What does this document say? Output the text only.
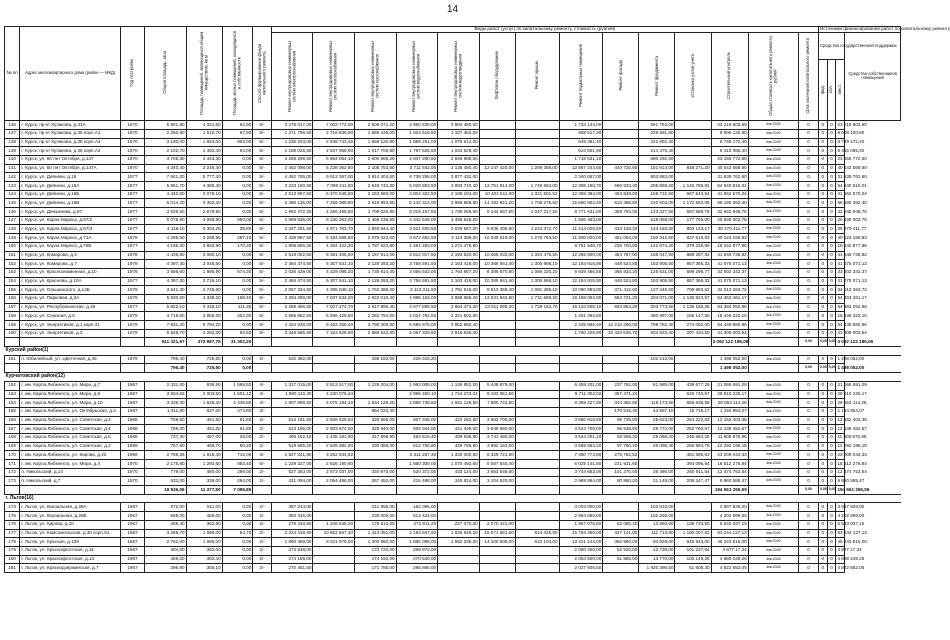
14
№ пп	Адрес многоквартирного дома (район — МКД)	Год постройки	Общая площадь, кв.м	Площадь помещений, являющихся общим имуществом, кв.м	Площадь жилых помещений, находящихся в собственности	Способ формирования фонда капитального ремонта	Виды работ (услуг) по капитальному ремонту, стоимость (рублей)														Источники финансирования работ по капитальному ремонту			
							Ремонт внутридомовых инженерных систем электроснабжения	Ремонт внутридомовых инженерных систем теплоснабжения	Ремонт внутридомовых инженерных систем газоснабжения	Ремонт внутридомовых инженерных систем водоснабжения	Ремонт внутридомовых инженерных систем водоотведения	Лифтовое оборудование	Ремонт крыши	Ремонт подвальных помещений	Ремонт фасада	Ремонт фундамента	Установка узлов учета	Строительный контроль	Общая стоимость капитального ремонта, рублей	Срок окончания капитального ремонта	Средства государственной поддержки			Средства собственников помещений
																					фед.	обл.	мест.	
136	г. Курск, пр-кт Кулакова, д.33А	1970	5 801,80	4 331,50	62,90	5/-	3 278 017,00	7 002 772,00	2 606 071,20	4 960 539,00	3 884 460,00			1 733 134,00		591 763,00		23 218 603,60	4кв.2026	0	0	0	23 218 603,60	
137	г. Курск, пр-кт Кулакова, д.35 корп.А1	1970	2 250,90	1 510,70	67,90	5/-	1 271 756,50	2 716 836,00	1 659 435,00	1 924 519,50	1 107 462,00			668 517,30		229 581,80		9 008 120,80	4кв.2026	0	0	0	9 008 120,80	
138	г. Курск, пр-кт Кулакова, д.35 корп.А3	1970	3 190,00	1 924,00	802,00	5/-	1 235 203,00	2 638 743,46	1 656 120,80	1 869 251,00	1 075 614,00			649 381,40		222 992,40		8 749 172,40	4кв.2026	0	0	0	8 749 172,40	
139	г. Курск, пр-кт Кулакова, д.35 корп.А2	1970	2 102,70	1 462,40	64,00	5/-	1 188 025,50	2 537 958,00	1 017 700,80	1 797 825,50	1 034 528,40			624 501,90		214 475,40		8 415 065,40	4кв.2026	0	0	0	8 415 065,40	
140	г. Курск, ул. 50 лет Октября, д.147	1970	3 705,30	4 443,30	0,00	5/-	3 269 299,50	6 984 064,10	2 600 869,20	4 947 280,50	2 846 988,60			1 718 531,10		590 292,60		23 156 772,60	4кв.2026	0	0	0	23 156 772,60	
141	г. Курск, ул. 50 лет Октября, д.147А	1970	4 340,40	3 249,40	0,00	5/-	2 452 098,00	5 238 362,80	2 105 753,60	3 711 542,00	2 135 450,40	12 147 420,00	1 289 358,00	12 687 344,60	440 720,60	151 914,00	848 271,20	40 543 569,60	4кв.2026	0	0	0	40 543 569,60	
142	г. Курск, ул. Дейнеки, д.16	1977	7 841,00	5 777,40	0,00	5/-	4 452 765,00	9 512 367,00	3 914 404,60	6 739 255,00	3 877 432,00			2 340 657,00		803 882,00		31 539 762,60	4кв.2026	0	0	0	31 539 762,60	
143	г. Курск, ул. Дейнеки, д.16А	1977	5 861,70	4 386,40	0,00	5/-	3 223 160,50	7 099 211,80	2 646 742,80	5 028 853,50	2 993 740,40	12 751 814,00	1 749 684,00	12 398 160,70	590 933,40	205 859,50	1 146 786,81	54 940 815,01	4кв.2026	0	0	0	54 940 815,01	
144	г. Курск, ул. Дейнеки, д.16Б	1977	4 440,50	3 078,10	0,00	5/-	2 513 967,50	5 370 546,50	2 153 580,00	3 804 322,50	2 189 104,00	10 402 511,00	1 321 501,52	12 359 384,00	453 849,00	155 732,50	667 543,54	41 562 670,04	4кв.2026	0	0	0	41 562 670,04	
145	г. Курск, ул. Дейнеки, д.16В	1977	6 014,40	4 362,40	0,00	5/-	3 386 136,00	7 259 389,60	2 818 993,80	5 142 312,00	2 959 868,80	14 191 921,20	1 708 275,50	15 660 902,40	613 468,80	210 504,00	1 172 563,05	56 190 362,40	4кв.2026	0	0	0	56 190 362,40	
146	г. Курск, ул. Демьянова, д.87	1977	3 526,50	2 679,90	0,00	5/-	1 992 472,30	4 256 485,50	1 709 026,80	3 015 157,50	1 735 068,60	8 244 667,00	1 047 217,50	9 771 631,50	359 793,00	123 427,50	667 589,78	32 940 948,76	4кв.2026	0	0	0	32 940 948,76	
147	г. Курск, ул. Карла Маркса, д.67/2	1977	5 078,90	4 068,90	950,00	5/-	2 869 635,00	6 130 263,00	2 458 236,60	4 342 545,00	2 498 818,00			1 506 483,00		518 058,00	177 765,00	20 938 002,78	4кв.2026	0	0	0	20 938 002,78	
148	г. Курск, ул. Карла Маркса, д.67/3	1977	4 118,10	3 304,26	39,80	5/-	2 327 291,60	4 971 763,70	1 993 844,40	3 521 830,50	2 026 587,20	9 636 405,90	1 223 372,70	11 414 026,50	433 148,20	144 183,50	803 123,17	38 470 411,77	4кв.2026	0	0	0	38 470 411,77	
149	г. Курск, ул. Карла Маркса, д.71А	1978	4 295,50	3 268,95	287,10	5/-	2 428 957,50	5 184 668,50	2 079 022,00	3 672 652,50	2 113 386,00	10 049 619,00	1 275 763,50	11 900 820,00	451 004,00	150 342,50	837 516,83	40 124 159,83	4кв.2026	0	0	0	40 124 159,83	
150	г. Курск, ул. Карла Маркса, д.75Б	1977	4 195,30	3 663,90	170,30	5/-	1 808 855,30	4 284 422,30	1 787 623,80	1 481 283,00	1 271 476,60			6 751 846,70	235 704,00	142 874,20	379 228,86	18 242 877,96	4кв.2026	0	0	0	18 242 877,96	
151	г. Курск, ул. Комарова, д.3	1978	4 436,50	3 080,10	0,00	5/-	2 519 052,50	5 381 406,50	2 157 914,00	3 812 017,50	2 193 532,00	10 465 033,00	1 324 475,50	12 355 900,00	454 787,00	158 047,50	889 267,82	41 646 738,82	4кв.2026	0	0	0	41 646 738,82	
152	г. Курск, ул. Комарова, д.7	1978	4 397,30	3 046,50	0,00	5/-	2 484 474,50	5 307 541,10	2 128 293,20	3 758 591,50	2 163 418,00	10 366 941,40	1 305 998,10	12 184 915,90	448 524,80	153 905,50	857 365,33	41 075 071,13	4кв.2026	0	0	0	41 075 071,13	
153	г. Курск, ул. Краснознаменная, д.10	1978	3 586,60	1 985,90	674,30	5/-	2 026 429,00	4 329 095,20	1 735 914,40	3 066 543,00	1 764 857,20	8 386 670,80	1 066 220,20	9 939 456,50	365 833,20	125 531,00	699 298,77	33 502 342,37	4кв.2026	0	0	0	33 502 342,37	
154	г. Курск, ул. Краснова, д.10А	1977	4 397,30	2 716,10	0,00	5/-	2 484 474,50	5 307 541,10	2 128 293,20	3 758 691,50	2 163 418,00	10 385 941,40	1 305 998,10	12 184 915,90	448 524,80	153 905,50	857 365,33	41 075 071,13	4кв.2026	0	0	0	41 075 071,13	
155	г. Курск, ул. Ольшанского, д.14Б	1979	3 641,30	2 745,60	0,00	5/-	2 057 334,50	4 395 048,10	1 762 389,20	3 113 311,50	1 791 518,00	8 513 358,40	1 081 486,10	10 090 983,00	371 412,60	127 445,50	709 983,62	34 013 263,72	4кв.2026	0	0	0	34 013 263,72	
156	г. Курск, ул. Парковая, д.3А	1979	5 830,60	4 339,20	168,40	5/-	3 294 289,00	7 037 534,20	2 822 010,40	4 985 163,00	2 868 655,20	13 631 942,80	1 731 688,20	16 158 062,80	594 721,20	204 071,00	1 136 823,57	54 463 461,17	4кв.2026	0	0	0	54 463 461,17	
157	г. Курск, ул. Республиканская, д.48	1977	5 822,10	4 348,10	111,30	5/-	3 289 486,50	7 027 274,70	2 817 896,40	4 977 895,50	2 864 473,20	13 611 069,20	1 729 163,70	16 134 508,10	593 854,20	203 773,50	1 135 166,28	54 384 052,88	4кв.2026	0	0	0	54 384 052,88	
158	г. Курск, ул. Союзная, д.8	1979	4 718,50	3 955,30	202,30	5/-	2 665 952,50	5 595 429,50	2 282 754,00	4 034 782,50	2 321 502,00			1 401 394,50		480 987,00	165 147,50	18 446 322,10	4кв.2026	0	0	0	18 446 322,10	
159	г. Курск, ул. Энергетиков, д.1 корп.41	1979	7 831,20	5 794,20	0,00	5/-	4 424 628,00	9 452 256,40	3 790 300,80	6 695 676,00	3 852 950,40			2 325 866,40	12 210 266,00	798 782,40	274 092,00	54 449 880,96	4кв.2026	0	0	0	54 449 880,96	
160	г. Курск, ул. Энергетиков, д.3	1979	5 926,70	4 282,30	62,60	5/-	3 348 585,50	7 153 528,90	2 868 522,80	5 067 328,50	2 915 936,40			1 760 229,90	10 420 636,70	604 523,40	207 434,50	41 308 002,54	4кв.2026	0	0	0	41 308 002,54	
			511 321,67	372 987,75	31 302,20													3 092 122 186,06		0,00	0,00	0,00	3 092 122 186,06	
Курский район(1)																								
161	п. Юбилейный, ул. Цветочная, д.45	1979	796,40	725,60	0,00	2/-	532 382,00		338 152,00	226 315,20						102 212,00		1 498 052,00	4кв.2026	0	0	0	1 498 052,00	
			796,40	725,60	0,00													1 498 052,00		0,00	0,00	0,00	1 498 052,00	
Курчатовский район(12)																								
162	г. им. Карла Либкнехта, ул. Мира, д.7	1967	2 331,00	936,50	1 568,50	4/-	1 317 015,00	2 813 517,00	1 128 204,00	1 993 005,00	1 146 852,00	5 448 879,00		6 459 201,00	237 762,00	81 585,00	438 677,29	21 066 691,29	4кв.2026	0	0	0	21 066 691,29	
163	г. им. Карла Либкнехта, ул. Мира, д.8	1967	3 504,62	2 003,50	1 501,12	4/-	1 980 110,30	4 230 076,34		2 996 450,10	1 724 273,04	8 183 951,56		9 711 302,02	357 471,24		626 740,57	29 810 225,17	4кв.2026	0	0	0	29 810 225,17	
164	г. им. Карла Либкнехта, ул. Мира, д.10	1967	3 339,30	1 626,40	1 449,90	4/-	1 907 899,50	4 075 184,10	1 634 126,20	2 886 738,50	1 661 128,50	7 880 742,60		9 359 227,90	344 382,60	118 173,50	658 638,58	28 553 114,28	4кв.2026	0	0	0	28 553 114,28	
165	г. им. Карла Либкнехта, ул. Октябрьская, д.3	1967	1 311,80	837,00	474,80	3/-			964 022,40						170 515,40	44 597,10	15 719,17	1 194 854,07	4кв.2026	0	0	0	1 194 854,07	
166	г. им. Карла Либкнехта, ул. Советская, д.3	1968	759,50	461,50	61,60	2/-	514 181,50	2 508 628,53	328 585,00	507 346,00	422 262,60	3 653 700,00		3 650 918,50	96 735,00	25 623,00	254 222,83	12 162 403,38	4кв.2026	0	0	0	12 162 403,38	
167	г. им. Карла Либкнехта, ул. Советская, д.4	1968	758,00	461,60	61,60	2/-	513 166,00	2 503 674,00	328 940,00	506 344,00	421 448,00	3 646 560,00		3 643 700,00	96 548,00	25 772,00	253 760,67	12 138 452,67	4кв.2026	0	0	0	12 138 452,67	
168	г. им. Карла Либкнехта, ул. Советская, д.5	1968	737,30	467,00	29,00	2/-	499 152,10	2 435 181,90	317 698,90	492 516,40	409 938,80	3 741 480,00		3 544 201,10	93 908,40	25 068,20	246 693,26	11 806 876,96	4кв.2026	0	0	0	11 806 876,96	
169	г. им. Карла Либкнехта, ул. Советская, д.2	1969	767,60	466,70	60,20	2/-	519 665,20	2 535 382,80	330 088,00	512 756,80	426 785,60	3 692 163,00		3 689 853,20	97 760,40	26 098,40	256 994,78	12 292 195,18	4кв.2026	0	0	0	12 292 195,18	
170	г. им. Карла Либкнехта, ул. Кирова, д.22	1969	2 769,26	1 915,40	715,06	4/-	1 527 341,90	3 262 834,62		2 311 267,30	1 330 000,60	6 329 721,60		7 490 773,80	275 752,52		481 695,63	23 009 044,33	4кв.2026	0	0	0	23 009 044,33	
171	г. им. Карла Либкнехта, ул. Мира, д.4	1970	2 175,80	1 293,60	883,40	5/-	1 229 327,00	2 626 190,60		1 860 309,00	1 070 493,60	5 087 540,40		6 029 141,80	221 931,60		393 096,84	18 512 276,84	4кв.2026	0	0	0	18 512 276,84	
172	п. Никольский, д.14	1970	779,00	480,00	299,00	2/-	527 383,00	2 573 037,00	334 970,00	520 372,00	433 124,00	3 653 546,00		3 744 653,00	101 270,00	26 486,00	260 811,54	12 474 752,54	4кв.2026	0	0	0	12 474 752,54	
173	п. Никольский, д.7	1970	632,00	338,00	294,00	2/-	421 094,00	2 054 486,00	267 452,00	415 488,00	345 824,00	3 104 520,00		2 989 864,00	80 860,00	21 148,00	208 247,47	9 960 585,47	4кв.2026	0	0	0	9 960 585,47	
			19 826,06	11 377,50	7 095,86													194 561 265,59		0,00	0,00	0,00	194 561 265,59	
г. Льгов(16)																								
174	г. Льгов, ул. Вокзальная, д.28А	1967	572,00	511,00	0,00	2/-	387 244,00		241 956,00	162 096,00				3 003 000,00		103 532,00		3 897 828,00	4кв.2026	0	0	0	3 897 828,00	
175	г. Льгов, ул. Вокзальная, д.28Б	1967	565,00	465,00	0,00	2/-	383 345,00		239 005,00	513 424,00				2 964 660,00		102 265,00		4 202 699,00	4кв.2026	0	0	0	4 202 699,00	
176	г. Льгов, ул. Кирова, д.10	1967	409,40	362,90	0,00	2/-	276 440,80	1 348 645,20	175 612,00	272 811,20	227 070,40	2 070 421,00		1 967 076,60	52 080,40	13 860,60	136 733,50	6 540 037,15	4кв.2026	0	0	0	6 540 037,15	
177	г. Льгов, ул. Комсомольская, д.30 корп.51	1967	3 285,70	1 890,00	54,70	2/-	2 224 418,90	10 852 667,10	1 413 051,00	2 194 847,60	1 826 849,20	16 071 661,60	614 425,90	15 794 359,00	427 141,00	111 713,80	1 100 007,62	53 244 127,13	4кв.2026	0	0	0	53 244 127,13	
178	г. Льгов, ул. Красная, д.139	1967	2 762,00	1 986,00	0,00	2/-	1 890 369,00	9 221 976,00	1 200 980,00	1 865 098,00	1 552 236,00	14 100 506,00	522 104,00	13 421 144,00	362 960,00	94 926,00	945 943,00	45 243 815,00	4кв.2026	0	0	0	45 243 815,00	
179	г. Льгов, ул. Краснофлотская, д.11	1967	404,00	362,00	0,00	2/-	273 538,00		173 720,00	269 872,00				2 060 400,00	52 520,00	13 738,00	101 237,64	4 877 17,34	4кв.2026	0	0	0	4 877 17,34	
180	г. Льгов, ул. Краснофлотская, д.13	1967	405,00	362,40	0,00	2/-	274 185,00		174 150,00	270 540,00				2 054 500,00	51 885,00	13 770,00	102 149,26	4 889 249,26	4кв.2026	0	0	0	4 889 249,26	
181	г. Льгов, ул. Краснодзержинская, д.7	1967	396,90	355,10	0,00	2/-	270 461,50		171 785,00	295 866,00				2 027 605,50		1 920 396,50	51 605,30	4 822 652,05	4кв.2026	0	0	0	4 822 652,05	
